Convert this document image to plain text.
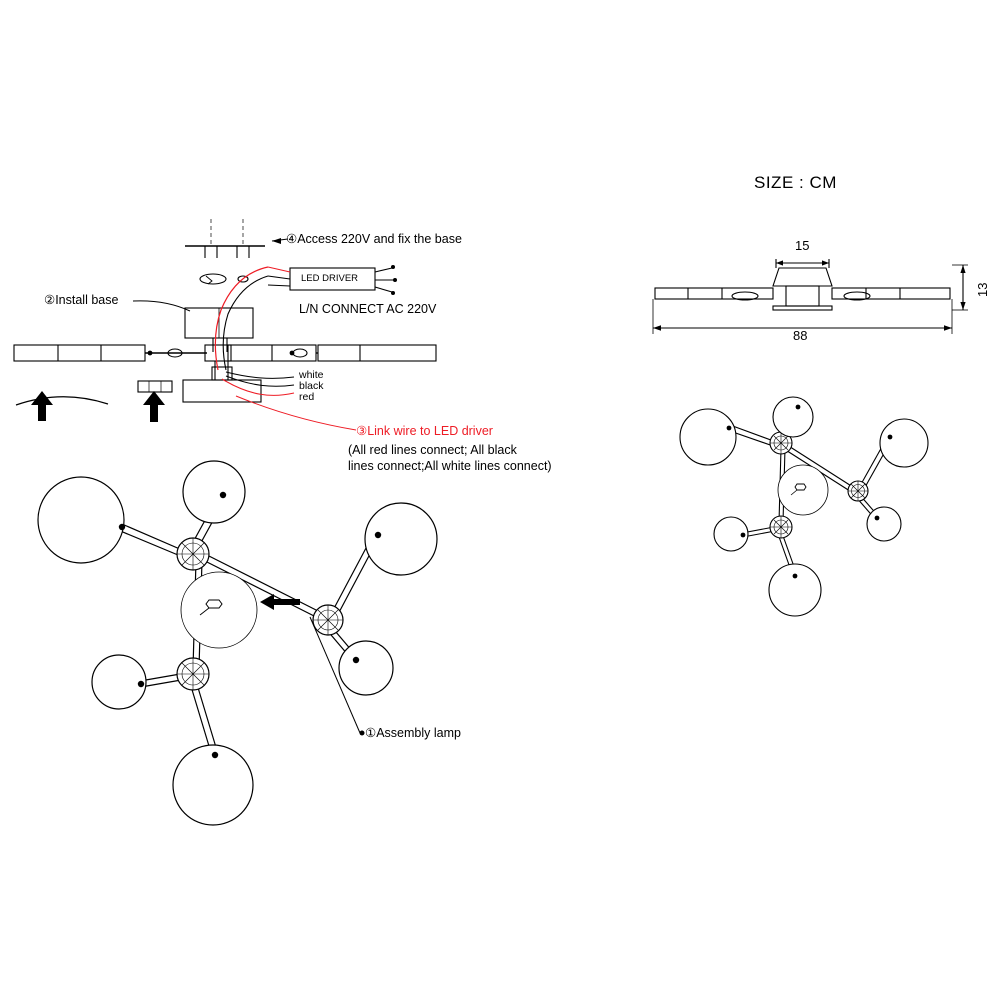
SIZE : CM
15
88
13
④Access 220V and fix the base
②Install base
LED DRIVER
L/N CONNECT AC 220V
white
black
red
③Link wire to LED driver
(All red lines connect; All black
lines connect;All white lines connect)
①Assembly lamp
